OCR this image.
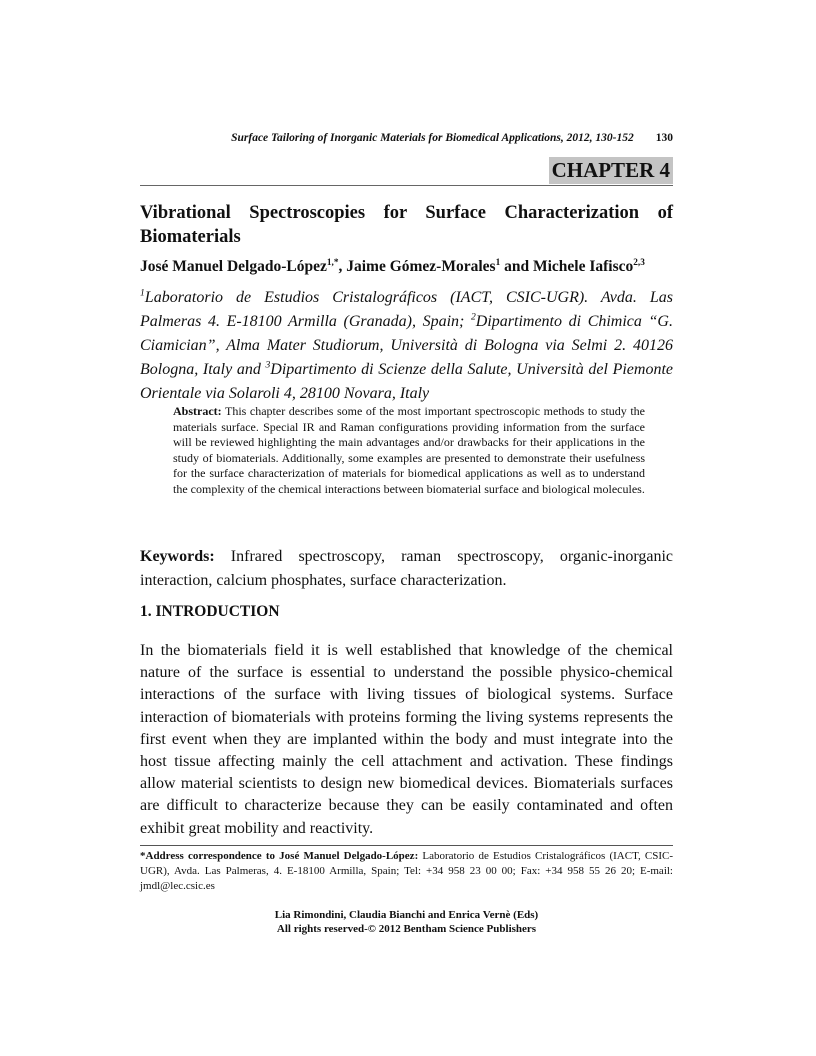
Surface Tailoring of Inorganic Materials for Biomedical Applications, 2012, 130-152 130
CHAPTER 4
Vibrational Spectroscopies for Surface Characterization of
Biomaterials
José Manuel Delgado-López$^{1,*}$, Jaime Gómez-Morales$^1$ and Michele Iafisco$^{2,3}$
$^1$Laboratorio de Estudios Cristalográficos (IACT, CSIC-UGR). Avda. Las Palmeras 4. E-18100 Armilla (Granada), Spain; $^2$Dipartimento di Chimica “G. Ciamician”, Alma Mater Studiorum, Università di Bologna via Selmi 2. 40126 Bologna, Italy and $^3$Dipartimento di Scienze della Salute, Università del Piemonte Orientale via Solaroli 4, 28100 Novara, Italy
Abstract: This chapter describes some of the most important spectroscopic methods to study the materials surface. Special IR and Raman configurations providing information from the surface will be reviewed highlighting the main advantages and/or drawbacks for their applications in the study of biomaterials. Additionally, some examples are presented to demonstrate their usefulness for the surface characterization of materials for biomedical applications as well as to understand the complexity of the chemical interactions between biomaterial surface and biological molecules.
Keywords: Infrared spectroscopy, raman spectroscopy, organic-inorganic interaction, calcium phosphates, surface characterization.
1. INTRODUCTION
In the biomaterials field it is well established that knowledge of the chemical nature of the surface is essential to understand the possible physico-chemical interactions of the surface with living tissues of biological systems. Surface interaction of biomaterials with proteins forming the living systems represents the first event when they are implanted within the body and must integrate into the host tissue affecting mainly the cell attachment and activation. These findings allow material scientists to design new biomedical devices. Biomaterials surfaces are difficult to characterize because they can be easily contaminated and often exhibit great mobility and reactivity.
*Address correspondence to José Manuel Delgado-López: Laboratorio de Estudios Cristalográficos (IACT, CSIC-UGR), Avda. Las Palmeras, 4. E-18100 Armilla, Spain; Tel: +34 958 23 00 00; Fax: +34 958 55 26 20; E-mail: jmdl@lec.csic.es
Lia Rimondini, Claudia Bianchi and Enrica Vernè (Eds)
All rights reserved-© 2012 Bentham Science Publishers
